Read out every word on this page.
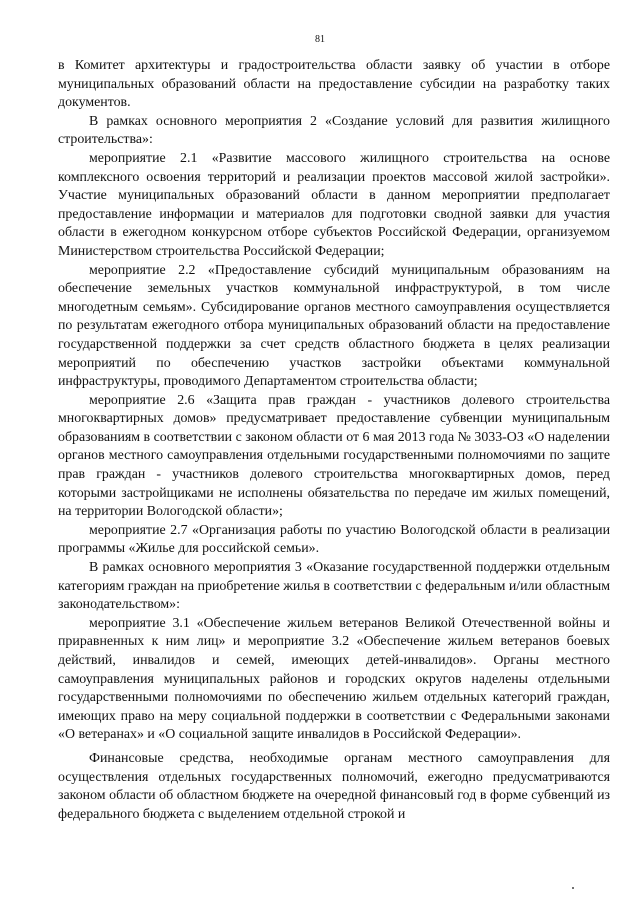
81

в Комитет архитектуры и градостроительства области заявку об участии в отборе муниципальных образований области на предоставление субсидии на разработку таких документов.

В рамках основного мероприятия 2 «Создание условий для развития жилищного строительства»:

мероприятие 2.1 «Развитие массового жилищного строительства на основе комплексного освоения территорий и реализации проектов массовой жилой застройки». Участие муниципальных образований области в данном мероприятии предполагает предоставление информации и материалов для подготовки сводной заявки для участия области в ежегодном конкурсном отборе субъектов Российской Федерации, организуемом Министерством строительства Российской Федерации;

мероприятие 2.2 «Предоставление субсидий муниципальным образованиям на обеспечение земельных участков коммунальной инфраструктурой, в том числе многодетным семьям». Субсидирование органов местного самоуправления осуществляется по результатам ежегодного отбора муниципальных образований области на предоставление государственной поддержки за счет средств областного бюджета в целях реализации мероприятий по обеспечению участков застройки объектами коммунальной инфраструктуры, проводимого Департаментом строительства области;

мероприятие 2.6 «Защита прав граждан - участников долевого строительства многоквартирных домов» предусматривает предоставление субвенции муниципальным образованиям в соответствии с законом области от 6 мая 2013 года № 3033-ОЗ «О наделении органов местного самоуправления отдельными государственными полномочиями по защите прав граждан - участников долевого строительства многоквартирных домов, перед которыми застройщиками не исполнены обязательства по передаче им жилых помещений, на территории Вологодской области»;

мероприятие 2.7 «Организация работы по участию Вологодской области в реализации программы «Жилье для российской семьи».

В рамках основного мероприятия 3 «Оказание государственной поддержки отдельным категориям граждан на приобретение жилья в соответствии с федеральным и/или областным законодательством»:

мероприятие 3.1 «Обеспечение жильем ветеранов Великой Отечественной войны и приравненных к ним лиц» и мероприятие 3.2 «Обеспечение жильем ветеранов боевых действий, инвалидов и семей, имеющих детей-инвалидов». Органы местного самоуправления муниципальных районов и городских округов наделены отдельными государственными полномочиями по обеспечению жильем отдельных категорий граждан, имеющих право на меру социальной поддержки в соответствии с Федеральными законами «О ветеранах» и «О социальной защите инвалидов в Российской Федерации».

Финансовые средства, необходимые органам местного самоуправления для осуществления отдельных государственных полномочий, ежегодно предусматриваются законом области об областном бюджете на очередной финансовый год в форме субвенций из федерального бюджета с выделением отдельной строкой и
